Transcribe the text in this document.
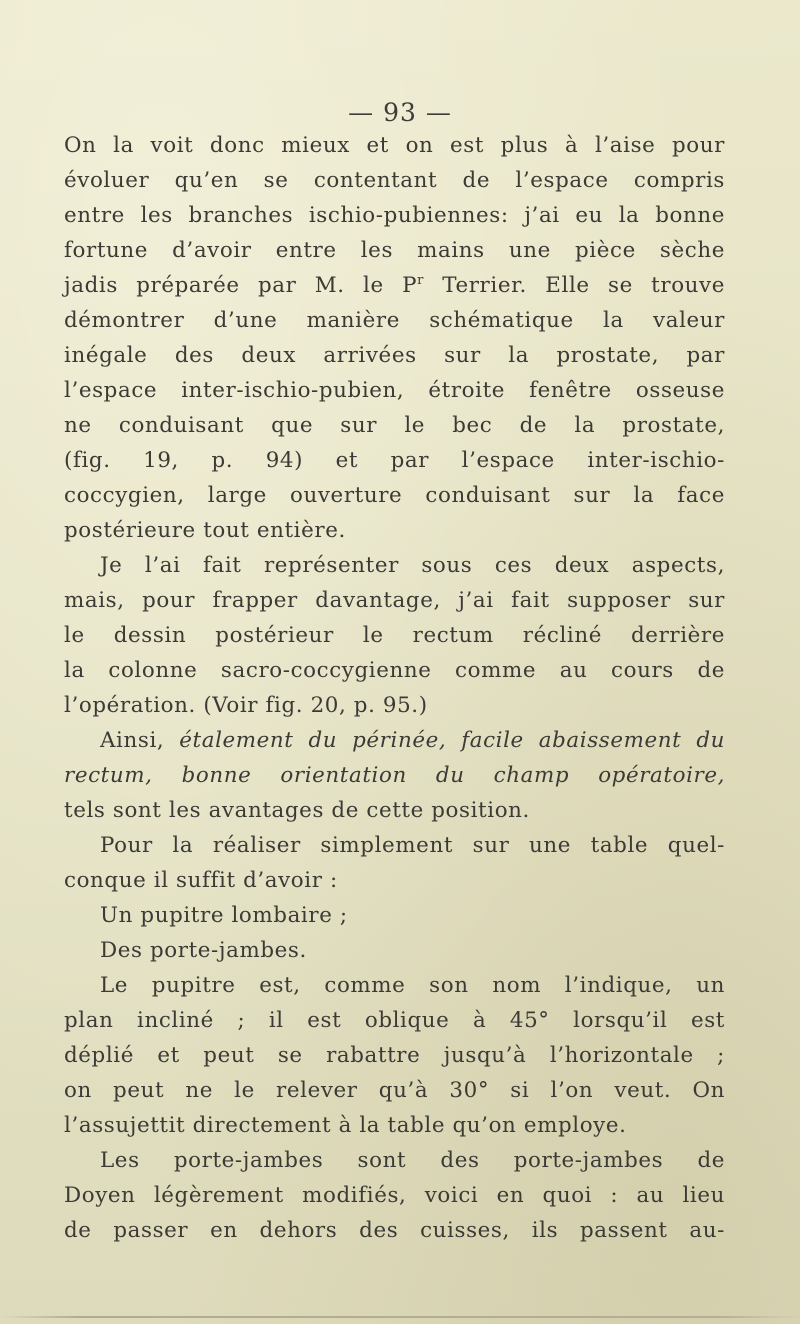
— 93 —

On la voit donc mieux et on est plus à l’aise pour

évoluer qu’en se contentant de l’espace compris

entre les branches ischio-pubiennes: j’ai eu la bonne

fortune d’avoir entre les mains une pièce sèche

jadis préparée par M. le $P^r$ Terrier. Elle se trouve

démontrer d’une manière schématique la valeur

inégale des deux arrivées sur la prostate, par

l’espace inter-ischio-pubien, étroite fenêtre osseuse

ne conduisant que sur le bec de la prostate,

(fig. 19, p. 94) et par l’espace inter-ischio-

coccygien, large ouverture conduisant sur la face

postérieure tout entière.

Je l’ai fait représenter sous ces deux aspects,

mais, pour frapper davantage, j’ai fait supposer sur

le dessin postérieur le rectum récliné derrière

la colonne sacro-coccygienne comme au cours de

l’opération. (Voir fig. 20, p. 95.)

Ainsi, étalement du périnée, facile abaissement du

rectum, bonne orientation du champ opératoire,

tels sont les avantages de cette position.

Pour la réaliser simplement sur une table quel-

conque il suffit d’avoir :

Un pupitre lombaire ;

Des porte-jambes.

Le pupitre est, comme son nom l’indique, un

plan incliné ; il est oblique à 45° lorsqu’il est

déplié et peut se rabattre jusqu’à l’horizontale ;

on peut ne le relever qu’à 30° si l’on veut. On

l’assujettit directement à la table qu’on employe.

Les porte-jambes sont des porte-jambes de

Doyen légèrement modifiés, voici en quoi : au lieu

de passer en dehors des cuisses, ils passent au-
